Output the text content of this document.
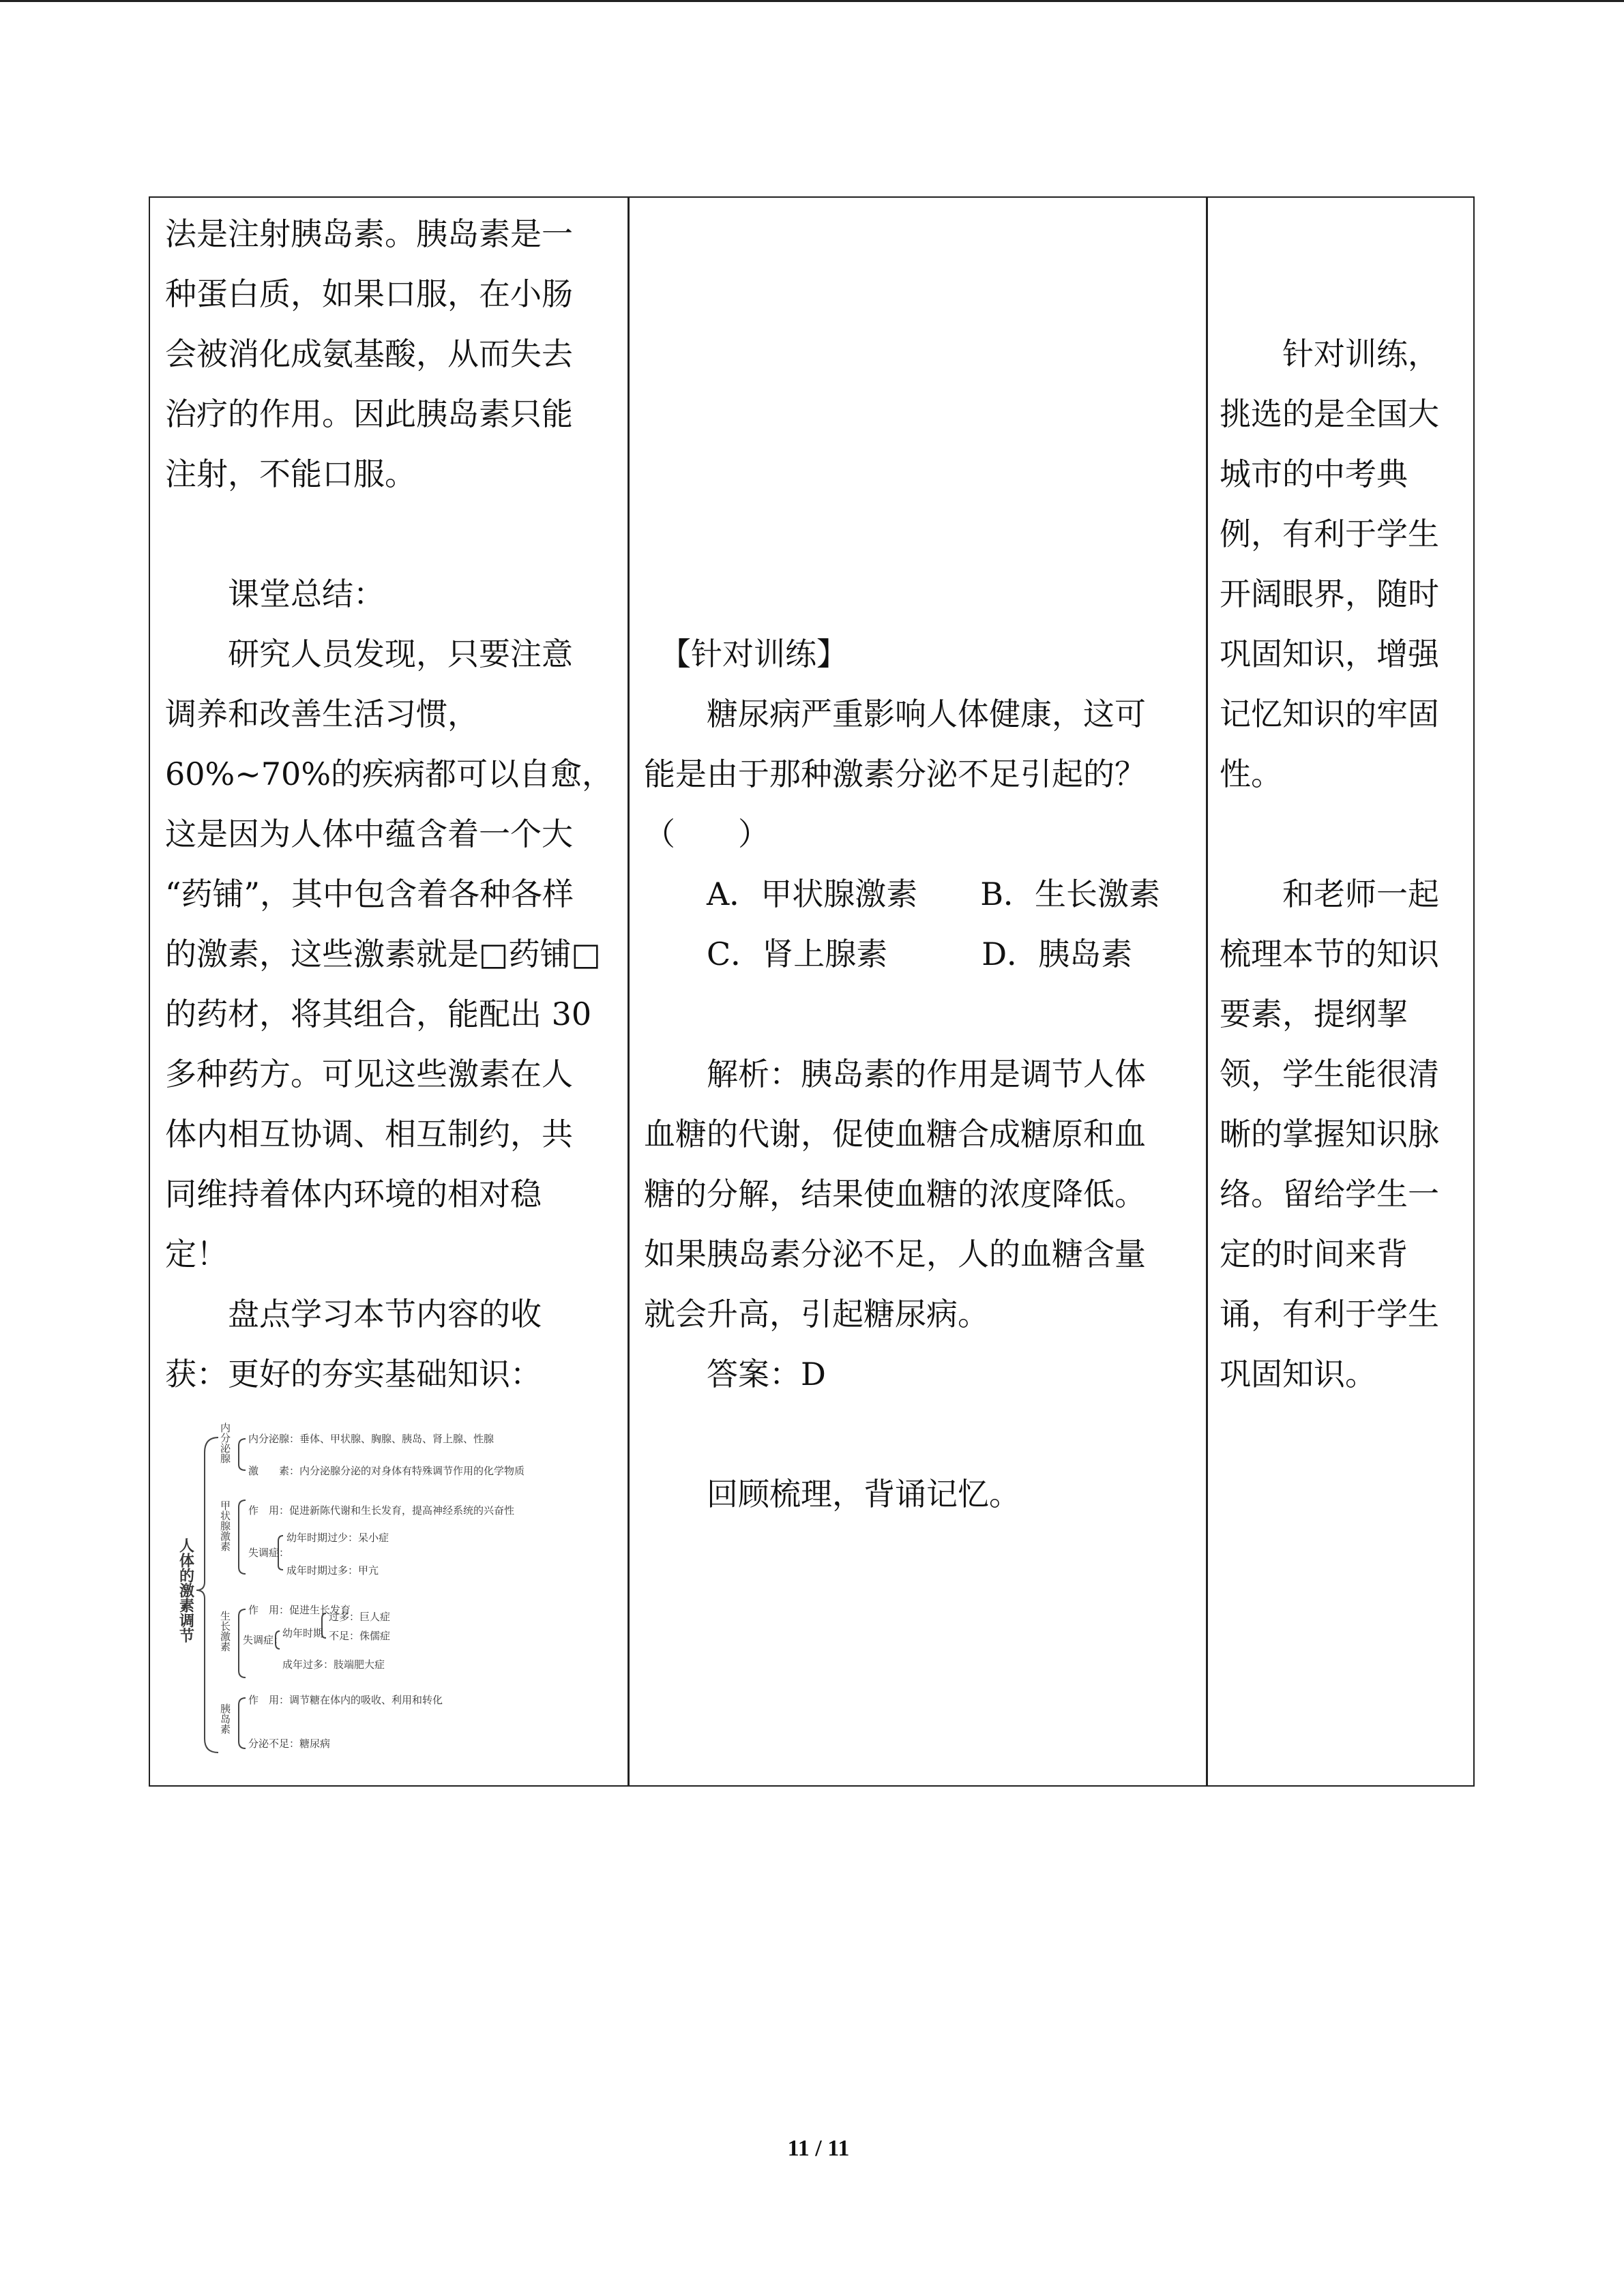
法是注射胰岛素。胰岛素是一
种蛋白质，如果口服，在小肠
会被消化成氨基酸，从而失去
治疗的作用。因此胰岛素只能
注射，不能口服。
　　课堂总结：
　　研究人员发现，只要注意
调养和改善生活习惯，
60%~70%的疾病都可以自愈，
这是因为人体中蕴含着一个大
“药铺”，其中包含着各种各样
的激素，这些激素就是□药铺□
的药材，将其组合，能配出 30
多种药方。可见这些激素在人
体内相互协调、相互制约，共
同维持着体内环境的相对稳
定！
　　盘点学习本节内容的收
获：更好的夯实基础知识：
人体的激素调节
内分泌腺 内分泌腺：垂体、甲状腺、胸腺、胰岛、肾上腺、性腺
激　　素：内分泌腺分泌的对身体有特殊调节作用的化学物质
甲状腺激素 作　用：促进新陈代谢和生长发育，提高神经系统的兴奋性
失调症：
幼年时期过少：呆小症
成年时期过多：甲亢
生长激素
作　用：促进生长发育
失调症：
幼年时期
过多：巨人症
不足：侏儒症
成年过多：肢端肥大症
胰岛素
作　用：调节糖在体内的吸收、利用和转化
分泌不足：糖尿病
　【针对训练】
　　糖尿病严重影响人体健康，这可
能是由于那种激素分泌不足引起的？
（　　）
　　A．甲状腺激素　　B．生长激素
　　C．肾上腺素　　　D．胰岛素
　　解析：胰岛素的作用是调节人体
血糖的代谢，促使血糖合成糖原和血
糖的分解，结果使血糖的浓度降低。
如果胰岛素分泌不足，人的血糖含量
就会升高，引起糖尿病。
　　答案：D
　　回顾梳理，背诵记忆。
　　针对训练，
挑选的是全国大
城市的中考典
例，有利于学生
开阔眼界，随时
巩固知识，增强
记忆知识的牢固
性。
　　和老师一起
梳理本节的知识
要素，提纲挈
领，学生能很清
晰的掌握知识脉
络。留给学生一
定的时间来背
诵，有利于学生
巩固知识。
11 / 11
